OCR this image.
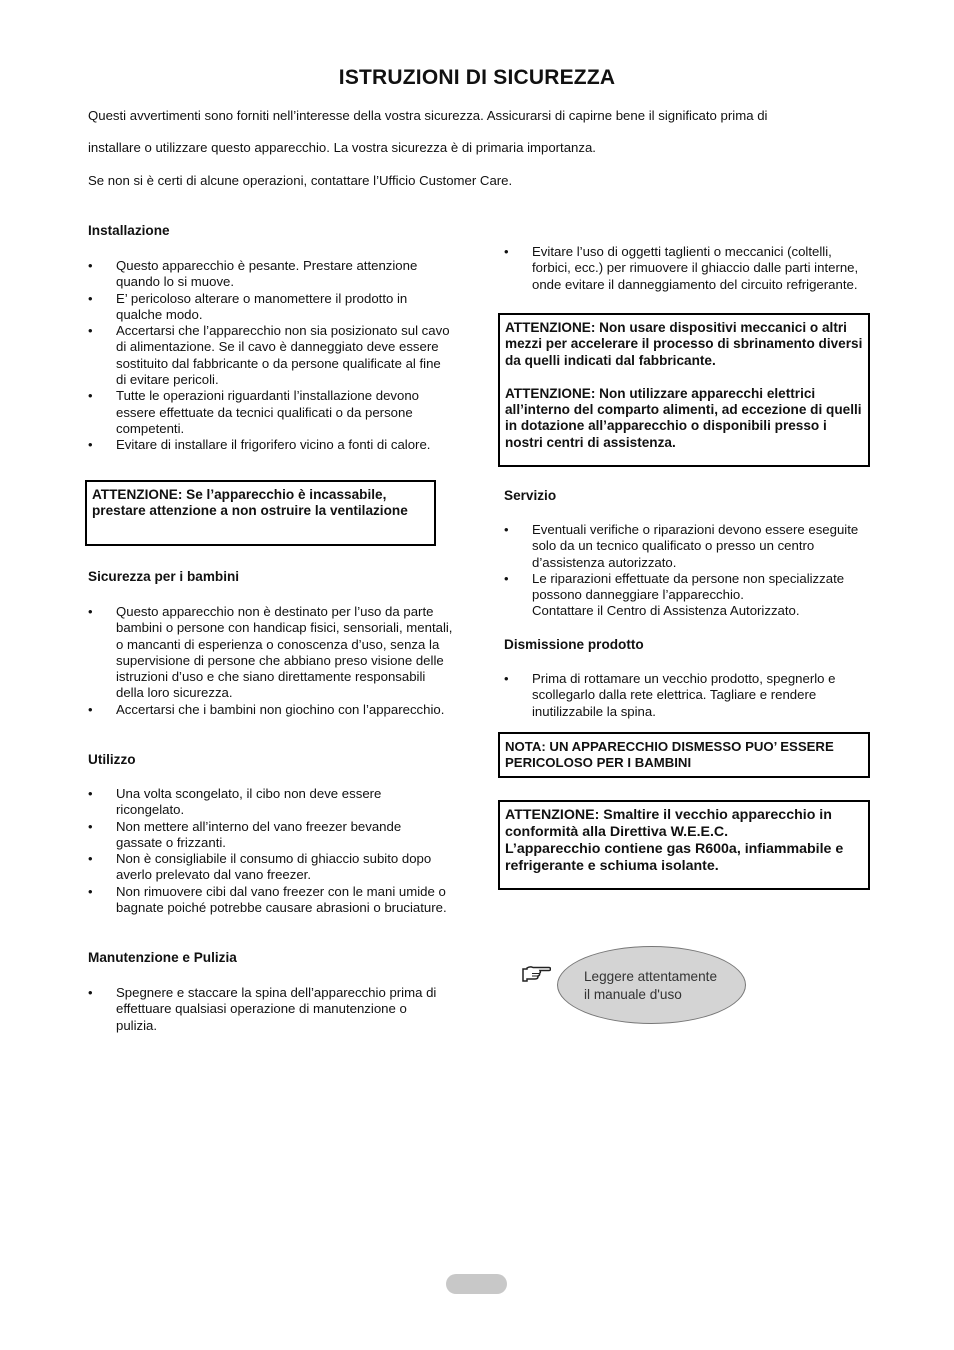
ISTRUZIONI DI SICUREZZA
Questi avvertimenti sono forniti nell’interesse della vostra sicurezza. Assicurarsi di capirne bene il significato prima di
installare o utilizzare questo apparecchio. La vostra sicurezza è di primaria importanza.
Se non si è certi di alcune operazioni, contattare l’Ufficio Customer Care.
Installazione
• Questo apparecchio è pesante. Prestare attenzione quando lo si muove.
• E’ pericoloso alterare o manomettere il prodotto in qualche modo.
• Accertarsi che l’apparecchio non sia posizionato sul cavo di alimentazione. Se il cavo è danneggiato deve essere sostituito dal fabbricante o da persone qualificate al fine di evitare pericoli.
• Tutte le operazioni riguardanti l’installazione devono essere effettuate da tecnici qualificati o da persone competenti.
• Evitare di installare il frigorifero vicino a fonti di calore.

ATTENZIONE: Se l’apparecchio è incassabile, prestare attenzione a non ostruire la ventilazione

Sicurezza per i bambini
• Questo apparecchio non è destinato per l’uso da parte bambini o persone con handicap fisici, sensoriali, mentali, o mancanti di esperienza o conoscenza d’uso, senza la supervisione di persone che abbiano preso visione delle istruzioni d’uso e che siano direttamente responsabili della loro sicurezza.
• Accertarsi che i bambini non giochino con l’apparecchio.
Utilizzo
• Una volta scongelato, il cibo non deve essere ricongelato.
• Non mettere all’interno del vano freezer bevande gassate o frizzanti.
• Non è consigliabile il consumo di ghiaccio subito dopo averlo prelevato dal vano freezer.
• Non rimuovere cibi dal vano freezer con le mani umide o bagnate poiché potrebbe causare abrasioni o bruciature.
Manutenzione e Pulizia
• Spegnere e staccare la spina dell’apparecchio prima di effettuare qualsiasi operazione di manutenzione o pulizia.
• Evitare l’uso di oggetti taglienti o meccanici (coltelli, forbici, ecc.) per rimuovere il ghiaccio dalle parti interne, onde evitare il danneggiamento del circuito refrigerante.

ATTENZIONE: Non usare dispositivi meccanici o altri mezzi per accelerare il processo di sbrinamento diversi da quelli indicati dal fabbricante.

ATTENZIONE: Non utilizzare apparecchi elettrici all’interno del comparto alimenti, ad eccezione di quelli in dotazione all’apparecchio o disponibili presso i nostri centri di assistenza.

Servizio
• Eventuali verifiche o riparazioni devono essere eseguite solo da un tecnico qualificato o presso un centro d’assistenza autorizzato.
• Le riparazioni effettuate da persone non specializzate possono danneggiare l’apparecchio.
Contattare il Centro di Assistenza Autorizzato.
Dismissione prodotto
• Prima di rottamare un vecchio prodotto, spegnerlo e scollegarlo dalla rete elettrica. Tagliare e rendere inutilizzabile la spina.

NOTA: UN APPARECCHIO DISMESSO PUO’ ESSERE PERICOLOSO PER I BAMBINI

ATTENZIONE: Smaltire il vecchio apparecchio in conformità alla Direttiva W.E.E.C.

L’apparecchio contiene gas R600a, infiammabile e refrigerante e schiuma isolante.

Leggere attentamente
il manuale d'uso
